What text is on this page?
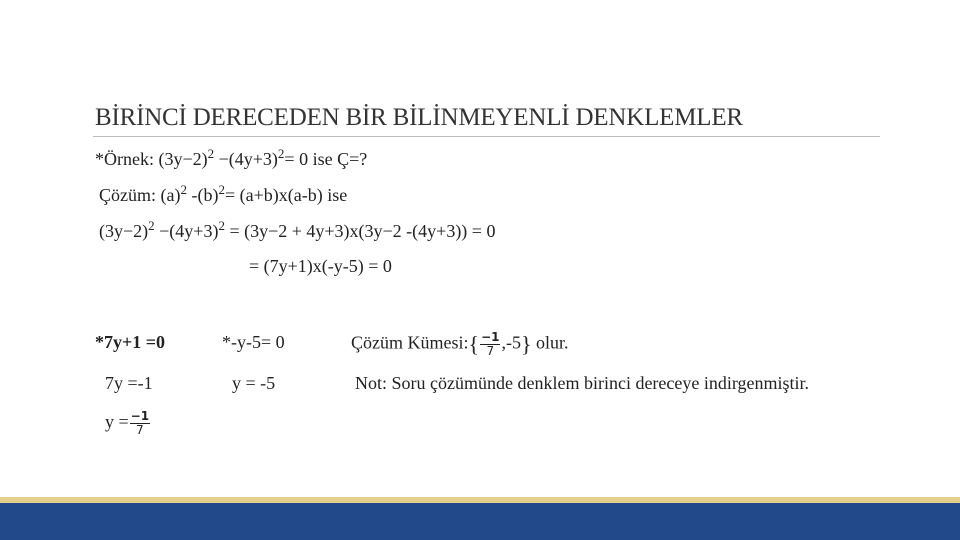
BİRİNCİ DERECEDEN BİR BİLİNMEYENLİ DENKLEMLER
*Örnek: $(3y-2)^2 -(4y+3)^2= 0$ ise Ç=?
Çözüm: $(a)^2$ $-(b)^2= (a+b)x(a-b)$ ise
$(3y-2)^2 -(4y+3)^2 = (3y-2 + 4y+3)x(3y-2$ -(4y+3)) = 0
= (7y+1)x(-y-5) = 0
*7y+1 =0
7y =-1
$y = \frac{-1}{7}$
*-y-5= 0
y = -5
Çözüm Kümesi:{ $\frac{-1}{7} ,-5$} olur.
Not: Soru çözümünde denklem birinci dereceye indirgenmiştir.
